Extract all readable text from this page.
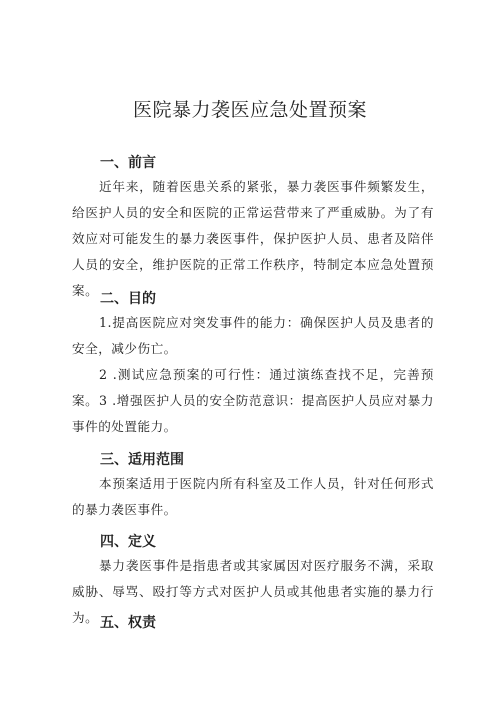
医院暴力袭医应急处置预案
一、前言
近年来，随着医患关系的紧张，暴力袭医事件频繁发生，给医护人员的安全和医院的正常运营带来了严重威胁。为了有效应对可能发生的暴力袭医事件，保护医护人员、患者及陪伴人员的安全，维护医院的正常工作秩序，特制定本应急处置预案。
二、目的
1.提高医院应对突发事件的能力：确保医护人员及患者的安全，减少伤亡。
2 .测试应急预案的可行性：通过演练查找不足，完善预案。 3 .增强医护人员的安全防范意识：提高医护人员应对暴力事件的处置能力。
三、适用范围
本预案适用于医院内所有科室及工作人员，针对任何形式的暴力袭医事件。
四、定义
暴力袭医事件是指患者或其家属因对医疗服务不满，采取威胁、辱骂、殴打等方式对医护人员或其他患者实施的暴力行为。 五、权责
